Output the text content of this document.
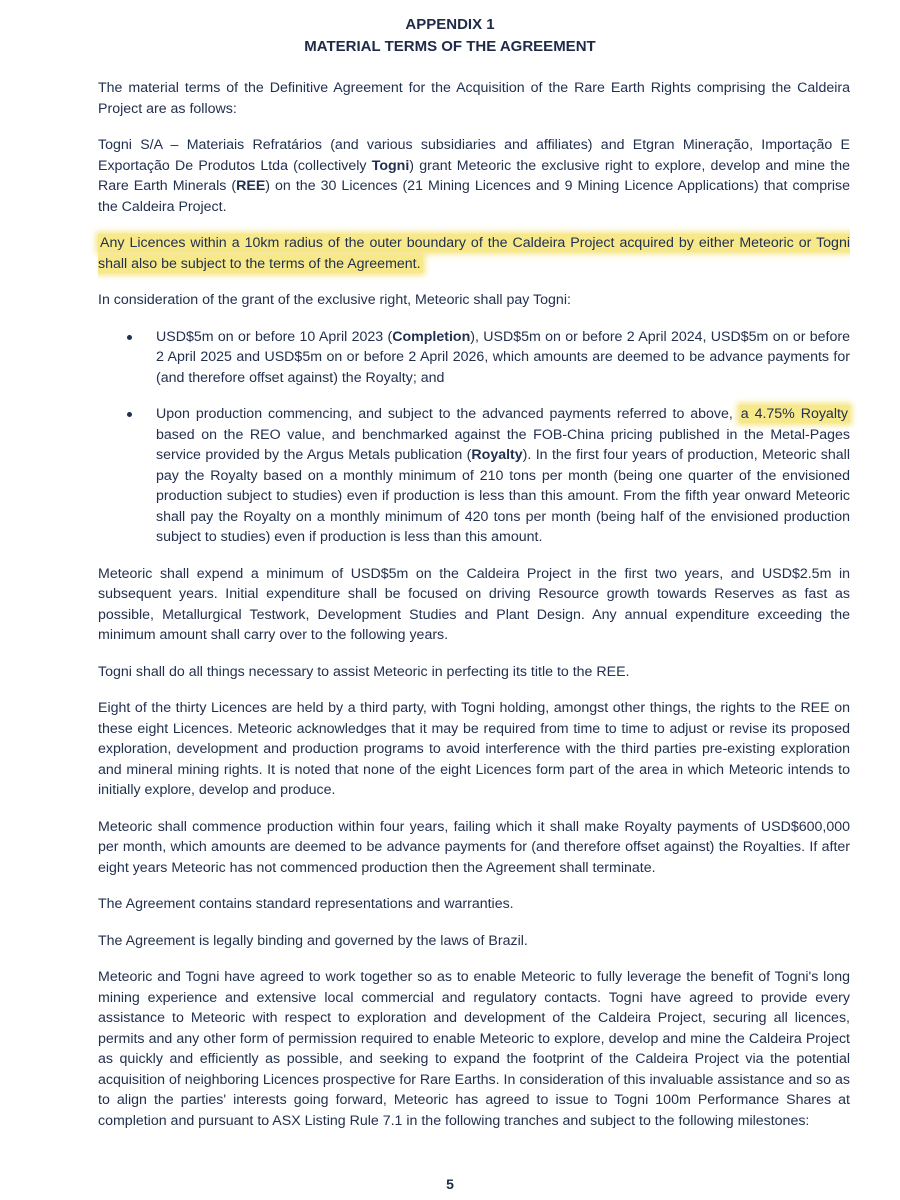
APPENDIX 1
MATERIAL TERMS OF THE AGREEMENT

The material terms of the Definitive Agreement for the Acquisition of the Rare Earth Rights comprising the Caldeira Project are as follows:

Togni S/A – Materiais Refratários (and various subsidiaries and affiliates) and Etgran Mineração, Importação E Exportação De Produtos Ltda (collectively Togni) grant Meteoric the exclusive right to explore, develop and mine the Rare Earth Minerals (REE) on the 30 Licences (21 Mining Licences and 9 Mining Licence Applications) that comprise the Caldeira Project.

Any Licences within a 10km radius of the outer boundary of the Caldeira Project acquired by either Meteoric or Togni shall also be subject to the terms of the Agreement.

In consideration of the grant of the exclusive right, Meteoric shall pay Togni:

USD$5m on or before 10 April 2023 (Completion), USD$5m on or before 2 April 2024, USD$5m on or before 2 April 2025 and USD$5m on or before 2 April 2026, which amounts are deemed to be advance payments for (and therefore offset against) the Royalty; and
Upon production commencing, and subject to the advanced payments referred to above, a 4.75% Royalty based on the REO value, and benchmarked against the FOB-China pricing published in the Metal-Pages service provided by the Argus Metals publication (Royalty). In the first four years of production, Meteoric shall pay the Royalty based on a monthly minimum of 210 tons per month (being one quarter of the envisioned production subject to studies) even if production is less than this amount. From the fifth year onward Meteoric shall pay the Royalty on a monthly minimum of 420 tons per month (being half of the envisioned production subject to studies) even if production is less than this amount.

Meteoric shall expend a minimum of USD$5m on the Caldeira Project in the first two years, and USD$2.5m in subsequent years. Initial expenditure shall be focused on driving Resource growth towards Reserves as fast as possible, Metallurgical Testwork, Development Studies and Plant Design. Any annual expenditure exceeding the minimum amount shall carry over to the following years.

Togni shall do all things necessary to assist Meteoric in perfecting its title to the REE.

Eight of the thirty Licences are held by a third party, with Togni holding, amongst other things, the rights to the REE on these eight Licences. Meteoric acknowledges that it may be required from time to time to adjust or revise its proposed exploration, development and production programs to avoid interference with the third parties pre-existing exploration and mineral mining rights. It is noted that none of the eight Licences form part of the area in which Meteoric intends to initially explore, develop and produce.

Meteoric shall commence production within four years, failing which it shall make Royalty payments of USD$600,000 per month, which amounts are deemed to be advance payments for (and therefore offset against) the Royalties. If after eight years Meteoric has not commenced production then the Agreement shall terminate.

The Agreement contains standard representations and warranties.

The Agreement is legally binding and governed by the laws of Brazil.

Meteoric and Togni have agreed to work together so as to enable Meteoric to fully leverage the benefit of Togni's long mining experience and extensive local commercial and regulatory contacts. Togni have agreed to provide every assistance to Meteoric with respect to exploration and development of the Caldeira Project, securing all licences, permits and any other form of permission required to enable Meteoric to explore, develop and mine the Caldeira Project as quickly and efficiently as possible, and seeking to expand the footprint of the Caldeira Project via the potential acquisition of neighboring Licences prospective for Rare Earths. In consideration of this invaluable assistance and so as to align the parties' interests going forward, Meteoric has agreed to issue to Togni 100m Performance Shares at completion and pursuant to ASX Listing Rule 7.1 in the following tranches and subject to the following milestones:

5
